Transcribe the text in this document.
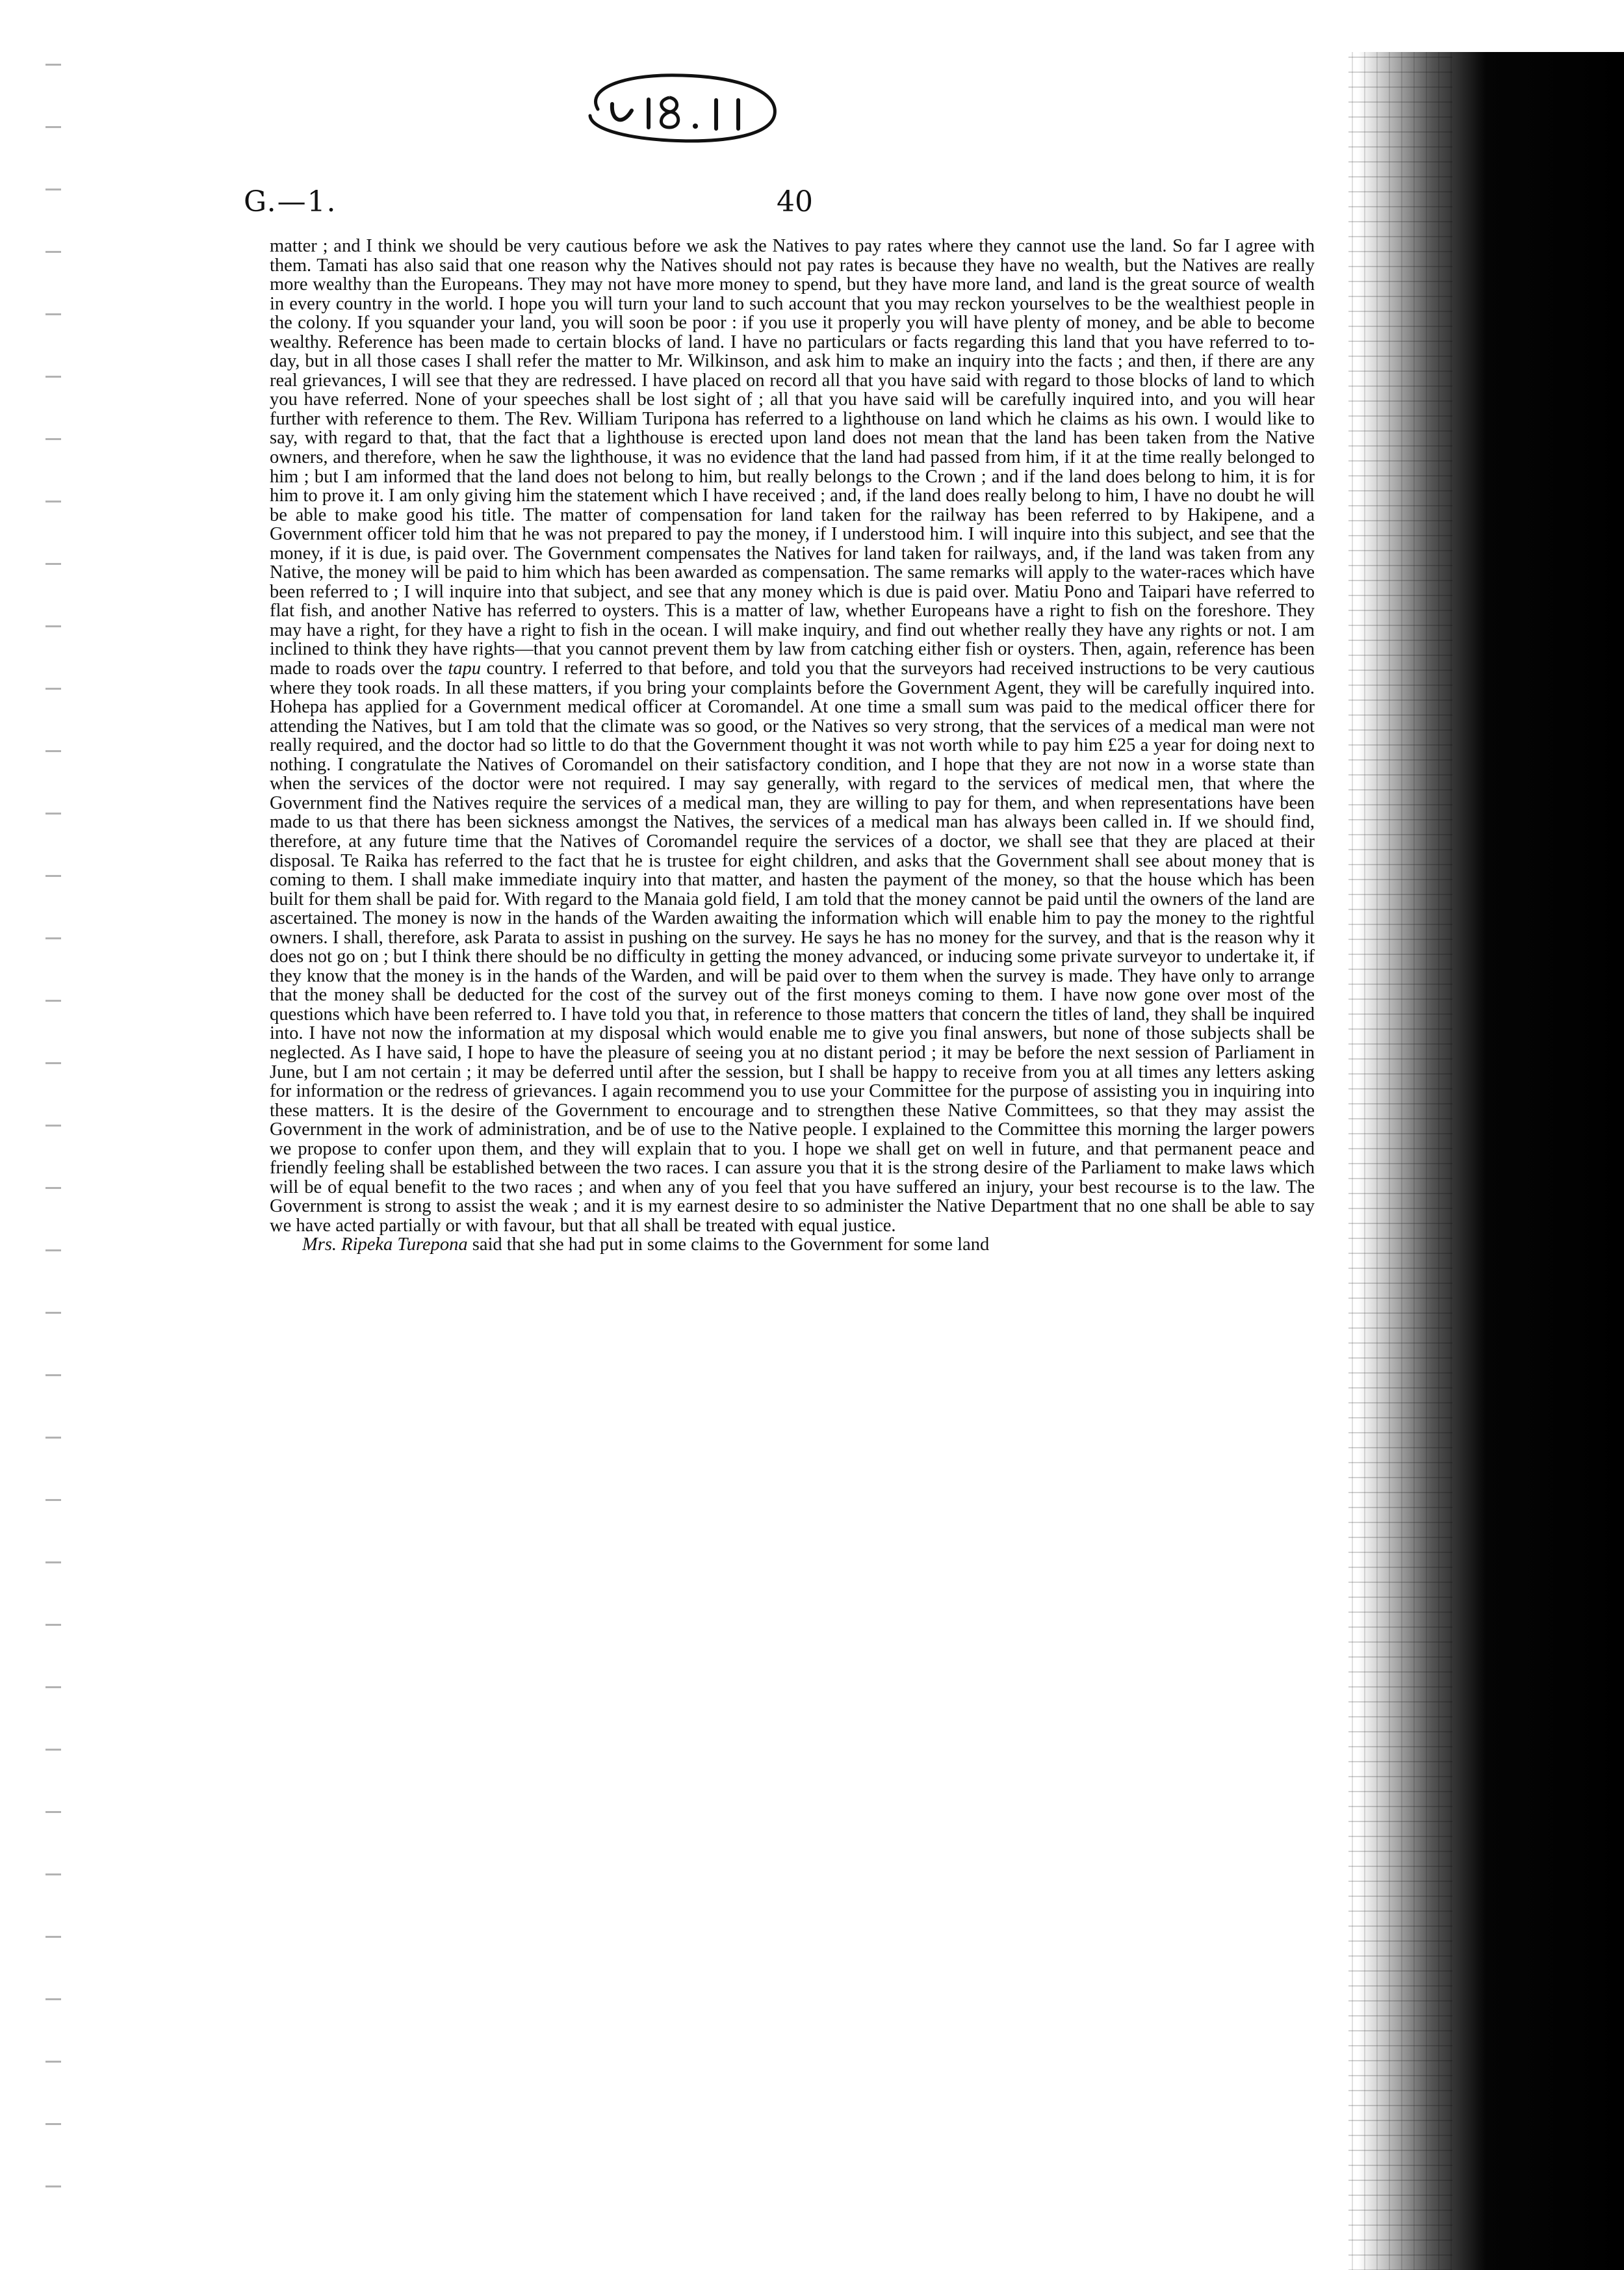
G.—1.	40

matter ; and I think we should be very cautious before we ask the Natives to pay rates where they cannot use the land. So far I agree with them. Tamati has also said that one reason why the Natives should not pay rates is because they have no wealth, but the Natives are really more wealthy than the Europeans. They may not have more money to spend, but they have more land, and land is the great source of wealth in every country in the world. I hope you will turn your land to such account that you may reckon yourselves to be the wealthiest people in the colony. If you squander your land, you will soon be poor : if you use it properly you will have plenty of money, and be able to become wealthy. Reference has been made to certain blocks of land. I have no particulars or facts regarding this land that you have referred to to-day, but in all those cases I shall refer the matter to Mr. Wilkinson, and ask him to make an inquiry into the facts ; and then, if there are any real grievances, I will see that they are redressed. I have placed on record all that you have said with regard to those blocks of land to which you have referred. None of your speeches shall be lost sight of ; all that you have said will be carefully inquired into, and you will hear further with reference to them. The Rev. William Turipona has referred to a lighthouse on land which he claims as his own. I would like to say, with regard to that, that the fact that a lighthouse is erected upon land does not mean that the land has been taken from the Native owners, and therefore, when he saw the lighthouse, it was no evidence that the land had passed from him, if it at the time really belonged to him ; but I am informed that the land does not belong to him, but really belongs to the Crown ; and if the land does belong to him, it is for him to prove it. I am only giving him the statement which I have received ; and, if the land does really belong to him, I have no doubt he will be able to make good his title. The matter of compensation for land taken for the railway has been referred to by Hakipene, and a Government officer told him that he was not prepared to pay the money, if I understood him. I will inquire into this subject, and see that the money, if it is due, is paid over. The Government compensates the Natives for land taken for railways, and, if the land was taken from any Native, the money will be paid to him which has been awarded as compensation. The same remarks will apply to the water-races which have been referred to ; I will inquire into that subject, and see that any money which is due is paid over. Matiu Pono and Taipari have referred to flat fish, and another Native has referred to oysters. This is a matter of law, whether Europeans have a right to fish on the foreshore. They may have a right, for they have a right to fish in the ocean. I will make inquiry, and find out whether really they have any rights or not. I am inclined to think they have rights—that you cannot prevent them by law from catching either fish or oysters. Then, again, reference has been made to roads over the tapu country. I referred to that before, and told you that the surveyors had received instructions to be very cautious where they took roads. In all these matters, if you bring your complaints before the Government Agent, they will be carefully inquired into. Hohepa has applied for a Government medical officer at Coromandel. At one time a small sum was paid to the medical officer there for attending the Natives, but I am told that the climate was so good, or the Natives so very strong, that the services of a medical man were not really required, and the doctor had so little to do that the Government thought it was not worth while to pay him £25 a year for doing next to nothing. I congratulate the Natives of Coromandel on their satisfactory condition, and I hope that they are not now in a worse state than when the services of the doctor were not required. I may say generally, with regard to the services of medical men, that where the Government find the Natives require the services of a medical man, they are willing to pay for them, and when representations have been made to us that there has been sickness amongst the Natives, the services of a medical man has always been called in. If we should find, therefore, at any future time that the Natives of Coromandel require the services of a doctor, we shall see that they are placed at their disposal. Te Raika has referred to the fact that he is trustee for eight children, and asks that the Government shall see about money that is coming to them. I shall make immediate inquiry into that matter, and hasten the payment of the money, so that the house which has been built for them shall be paid for. With regard to the Manaia gold field, I am told that the money cannot be paid until the owners of the land are ascertained. The money is now in the hands of the Warden awaiting the information which will enable him to pay the money to the rightful owners. I shall, therefore, ask Parata to assist in pushing on the survey. He says he has no money for the survey, and that is the reason why it does not go on ; but I think there should be no difficulty in getting the money advanced, or inducing some private surveyor to undertake it, if they know that the money is in the hands of the Warden, and will be paid over to them when the survey is made. They have only to arrange that the money shall be deducted for the cost of the survey out of the first moneys coming to them. I have now gone over most of the questions which have been referred to. I have told you that, in reference to those matters that concern the titles of land, they shall be inquired into. I have not now the information at my disposal which would enable me to give you final answers, but none of those subjects shall be neglected. As I have said, I hope to have the pleasure of seeing you at no distant period ; it may be before the next session of Parliament in June, but I am not certain ; it may be deferred until after the session, but I shall be happy to receive from you at all times any letters asking for information or the redress of grievances. I again recommend you to use your Committee for the purpose of assisting you in inquiring into these matters. It is the desire of the Government to encourage and to strengthen these Native Committees, so that they may assist the Government in the work of administration, and be of use to the Native people. I explained to the Committee this morning the larger powers we propose to confer upon them, and they will explain that to you. I hope we shall get on well in future, and that permanent peace and friendly feeling shall be established between the two races. I can assure you that it is the strong desire of the Parliament to make laws which will be of equal benefit to the two races ; and when any of you feel that you have suffered an injury, your best recourse is to the law. The Government is strong to assist the weak ; and it is my earnest desire to so administer the Native Department that no one shall be able to say we have acted partially or with favour, but that all shall be treated with equal justice.

Mrs. Ripeka Turepona said that she had put in some claims to the Government for some land
